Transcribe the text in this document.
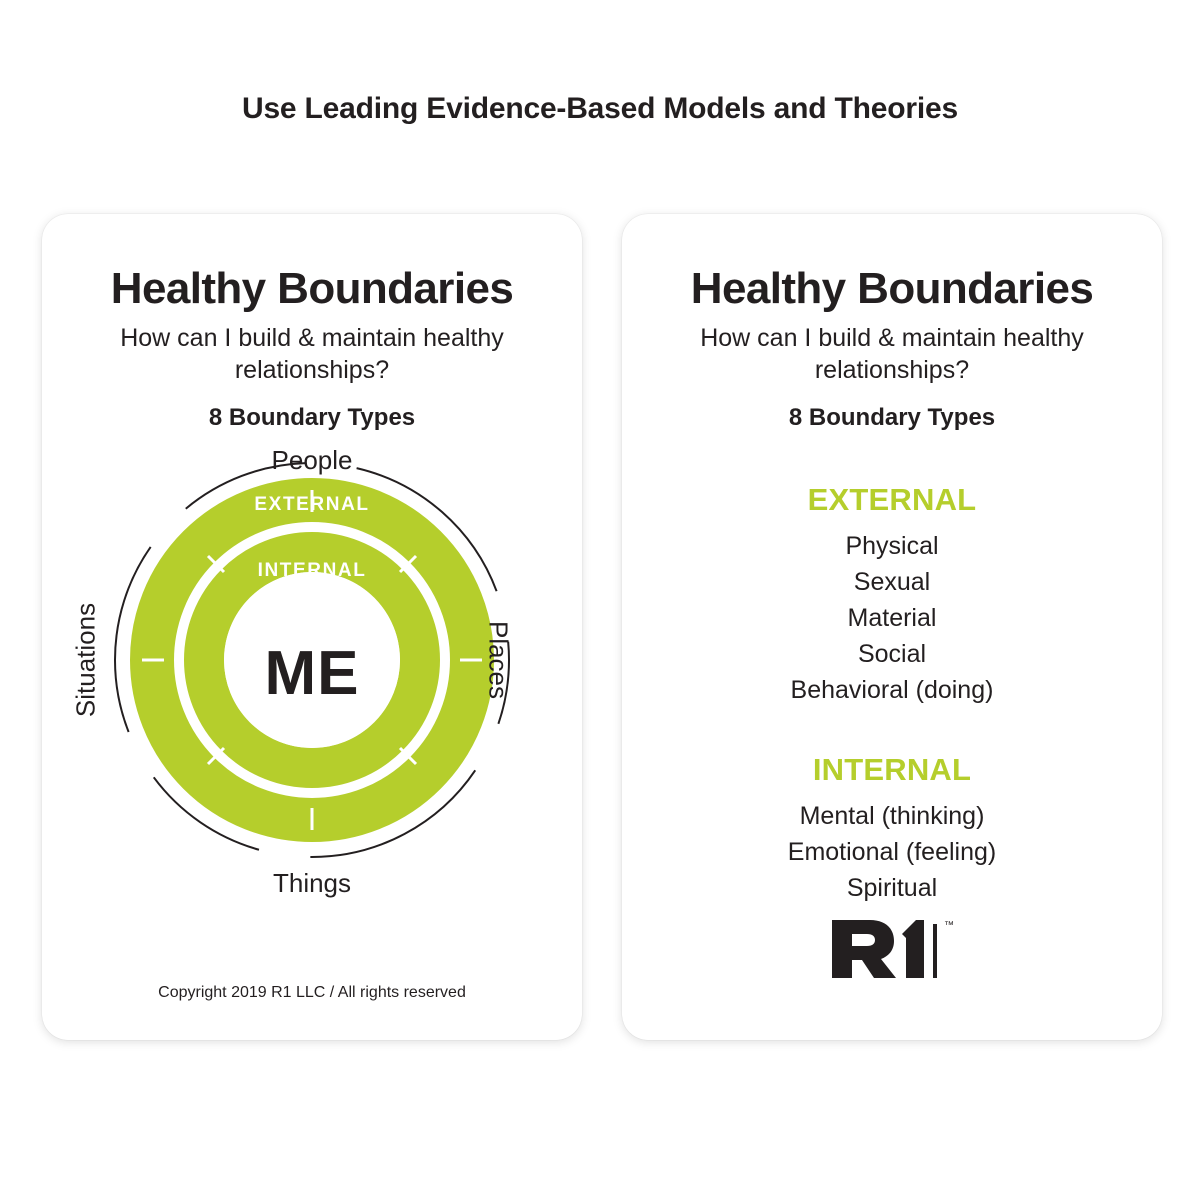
Use Leading Evidence-Based Models and Theories
Healthy Boundaries
How can I build & maintain healthy relationships?
8 Boundary Types
EXTERNAL
INTERNAL
ME
People
Places
Things
Situations
Copyright 2019 R1 LLC / All rights reserved
Healthy Boundaries
How can I build & maintain healthy relationships?
8 Boundary Types
EXTERNAL
Physical
Sexual
Material
Social
Behavioral (doing)
INTERNAL
Mental (thinking)
Emotional (feeling)
Spiritual
™
